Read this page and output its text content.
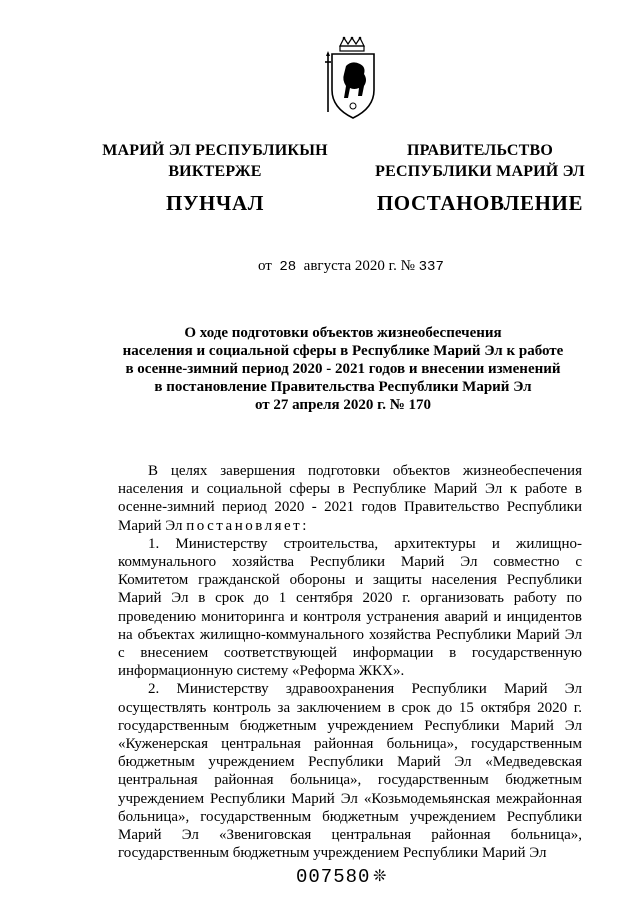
МАРИЙ ЭЛ РЕСПУБЛИКЫН
ВИКТЕРЖЕ
ПУНЧАЛ
ПРАВИТЕЛЬСТВО
РЕСПУБЛИКИ МАРИЙ ЭЛ
ПОСТАНОВЛЕНИЕ
от 28 августа 2020 г. № 337
О ходе подготовки объектов жизнеобеспечения
населения и социальной сферы в Республике Марий Эл к работе
в осенне-зимний период 2020 - 2021 годов и внесении изменений
в постановление Правительства Республики Марий Эл
от 27 апреля 2020 г. № 170

В целях завершения подготовки объектов жизнеобеспечения населения и социальной сферы в Республике Марий Эл к работе в осенне-зимний период 2020 - 2021 годов Правительство Республики Марий Эл постановляет:

1. Министерству строительства, архитектуры и жилищно-коммунального хозяйства Республики Марий Эл совместно с Комитетом гражданской обороны и защиты населения Республики Марий Эл в срок до 1 сентября 2020 г. организовать работу по проведению мониторинга и контроля устранения аварий и инцидентов на объектах жилищно-коммунального хозяйства Республики Марий Эл с внесением соответствующей информации в государственную информационную систему «Реформа ЖКХ».

2. Министерству здравоохранения Республики Марий Эл осуществлять контроль за заключением в срок до 15 октября 2020 г. государственным бюджетным учреждением Республики Марий Эл «Куженерская центральная районная больница», государственным бюджетным учреждением Республики Марий Эл «Медведевская центральная районная больница», государственным бюджетным учреждением Республики Марий Эл «Козьмодемьянская межрайонная больница», государственным бюджетным учреждением Республики Марий Эл «Звениговская центральная районная больница», государственным бюджетным учреждением Республики Марий Эл

007580 ❊
